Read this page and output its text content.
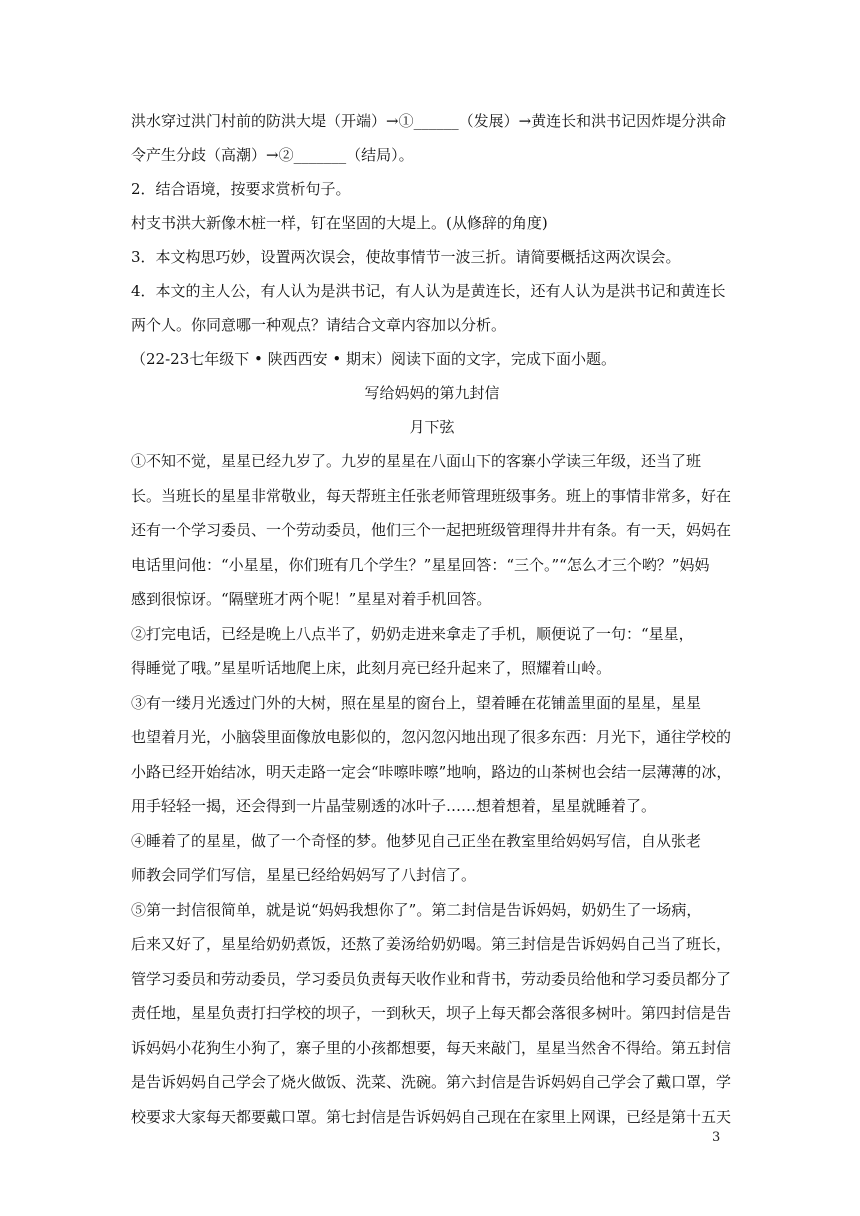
洪水穿过洪门村前的防洪大堤（开端）→①______（发展）→黄连长和洪书记因炸堤分洪命
令产生分歧（高潮）→②_______（结局）。
2．结合语境，按要求赏析句子。
村支书洪大新像木桩一样，钉在坚固的大堤上。(从修辞的角度)
3．本文构思巧妙，设置两次误会，使故事情节一波三折。请简要概括这两次误会。
4．本文的主人公，有人认为是洪书记，有人认为是黄连长，还有人认为是洪书记和黄连长
两个人。你同意哪一种观点？请结合文章内容加以分析。
（22-23七年级下 • 陕西西安 • 期末）阅读下面的文字，完成下面小题。
写给妈妈的第九封信
月下弦
①不知不觉，星星已经九岁了。九岁的星星在八面山下的客寨小学读三年级，还当了班
长。当班长的星星非常敬业，每天帮班主任张老师管理班级事务。班上的事情非常多，好在
还有一个学习委员、一个劳动委员，他们三个一起把班级管理得井井有条。有一天，妈妈在
电话里问他：“小星星，你们班有几个学生？”星星回答：“三个。”“怎么才三个哟？”妈妈
感到很惊讶。“隔壁班才两个呢！”星星对着手机回答。
②打完电话，已经是晚上八点半了，奶奶走进来拿走了手机，顺便说了一句：“星星，
得睡觉了哦。”星星听话地爬上床，此刻月亮已经升起来了，照耀着山岭。
③有一缕月光透过门外的大树，照在星星的窗台上，望着睡在花铺盖里面的星星，星星
也望着月光，小脑袋里面像放电影似的，忽闪忽闪地出现了很多东西：月光下，通往学校的
小路已经开始结冰，明天走路一定会“咔嚓咔嚓”地响，路边的山茶树也会结一层薄薄的冰，
用手轻轻一揭，还会得到一片晶莹剔透的冰叶子……想着想着，星星就睡着了。
④睡着了的星星，做了一个奇怪的梦。他梦见自己正坐在教室里给妈妈写信，自从张老
师教会同学们写信，星星已经给妈妈写了八封信了。
⑤第一封信很简单，就是说“妈妈我想你了”。第二封信是告诉妈妈，奶奶生了一场病，
后来又好了，星星给奶奶煮饭，还熬了姜汤给奶奶喝。第三封信是告诉妈妈自己当了班长，
管学习委员和劳动委员，学习委员负责每天收作业和背书，劳动委员给他和学习委员都分了
责任地，星星负责打扫学校的坝子，一到秋天，坝子上每天都会落很多树叶。第四封信是告
诉妈妈小花狗生小狗了，寨子里的小孩都想要，每天来敲门，星星当然舍不得给。第五封信
是告诉妈妈自己学会了烧火做饭、洗菜、洗碗。第六封信是告诉妈妈自己学会了戴口罩，学
校要求大家每天都要戴口罩。第七封信是告诉妈妈自己现在在家里上网课，已经是第十五天
3
